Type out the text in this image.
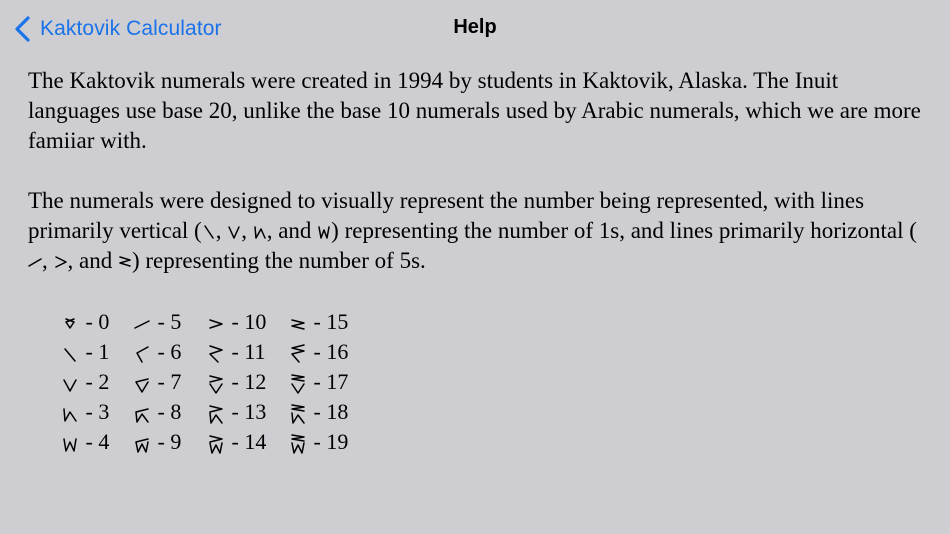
Kaktovik Calculator	Help

The Kaktovik numerals were created in 1994 by students in Kaktovik, Alaska. The Inuit languages use base 20, unlike the base 10 numerals used by Arabic numerals, which we are more famiiar with.

The numerals were designed to visually represent the number being represented, with lines primarily vertical ( ,
,
, and
) representing the number of 1s, and lines primarily horizontal (
,
, and
) representing the number of 5s.

- 0	- 5	- 10	- 15
- 1	- 6	- 11	- 16
- 2	- 7	- 12	- 17
- 3	- 8	- 13	- 18
- 4	- 9	- 14	- 19
